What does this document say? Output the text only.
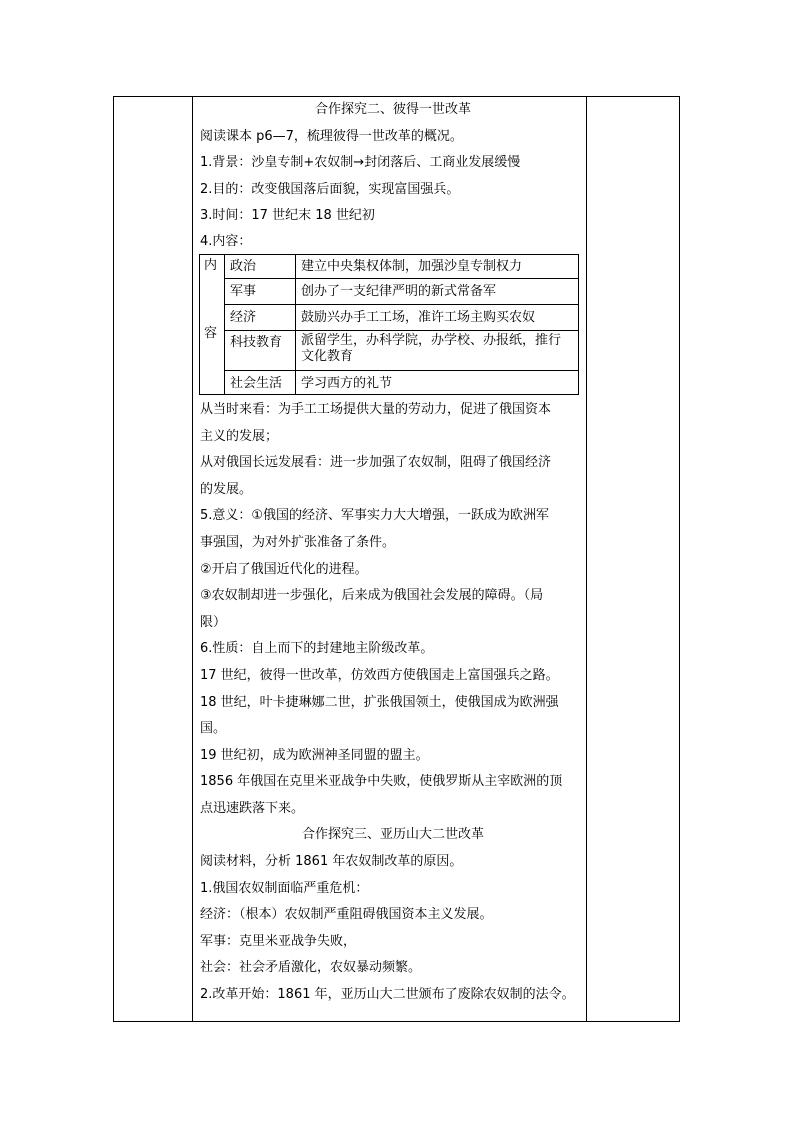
合作探究二、彼得一世改革
阅读课本 p6—7，梳理彼得一世改革的概况。
1.背景：沙皇专制+农奴制→封闭落后、工商业发展缓慢
2.目的：改变俄国落后面貌，实现富国强兵。
3.时间：17 世纪末 18 世纪初
4.内容：
内
容	政治	建立中央集权体制，加强沙皇专制权力
	军事	创办了一支纪律严明的新式常备军
	经济	鼓励兴办手工工场，准许工场主购买农奴
	科技教育	派留学生，办科学院，办学校、办报纸，推行文化教育
	社会生活	学习西方的礼节
从当时来看：为手工工场提供大量的劳动力，促进了俄国资本
主义的发展；
从对俄国长远发展看：进一步加强了农奴制，阻碍了俄国经济
的发展。
5.意义：①俄国的经济、军事实力大大增强，一跃成为欧洲军
事强国，为对外扩张准备了条件。
②开启了俄国近代化的进程。
③农奴制却进一步强化，后来成为俄国社会发展的障碍。（局
限）
6.性质：自上而下的封建地主阶级改革。
17 世纪，彼得一世改革，仿效西方使俄国走上富国强兵之路。
18 世纪，叶卡捷琳娜二世，扩张俄国领土，使俄国成为欧洲强
国。
19 世纪初，成为欧洲神圣同盟的盟主。
1856 年俄国在克里米亚战争中失败，使俄罗斯从主宰欧洲的顶
点迅速跌落下来。
合作探究三、亚历山大二世改革
阅读材料，分析 1861 年农奴制改革的原因。
1.俄国农奴制面临严重危机：
经济：（根本）农奴制严重阻碍俄国资本主义发展。
军事：克里米亚战争失败，
社会：社会矛盾激化，农奴暴动频繁。
2.改革开始：1861 年，亚历山大二世颁布了废除农奴制的法令。
